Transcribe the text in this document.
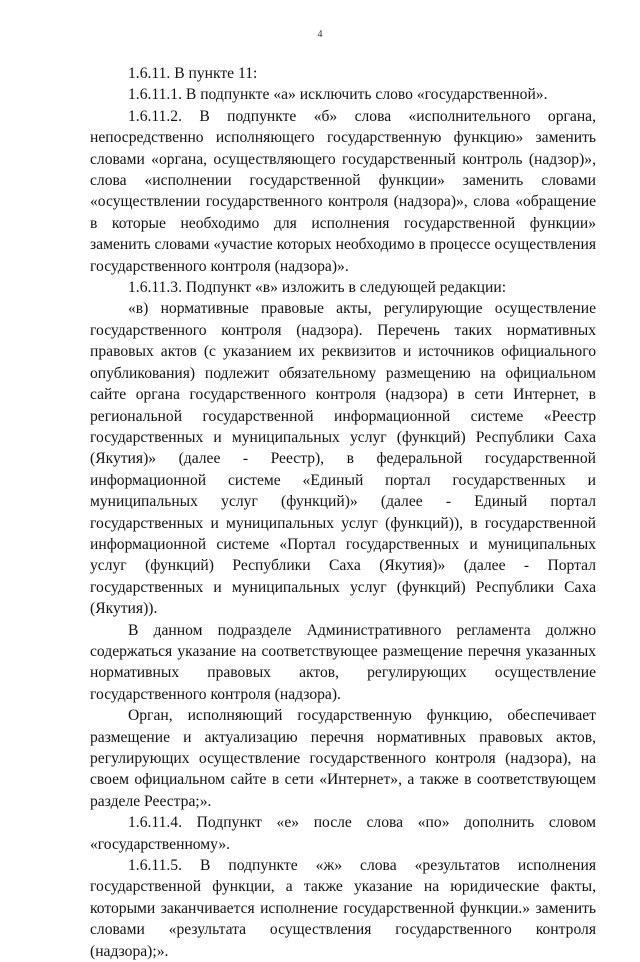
4

1.6.11. В пункте 11:

1.6.11.1. В подпункте «а» исключить слово «государственной».

1.6.11.2. В подпункте «б» слова «исполнительного органа, непосредственно исполняющего государственную функцию» заменить словами «органа, осуществляющего государственный контроль (надзор)», слова «исполнении государственной функции» заменить словами «осуществлении государственного контроля (надзора)», слова «обращение в которые необходимо для исполнения государственной функции» заменить словами «участие которых необходимо в процессе осуществления государственного контроля (надзора)».

1.6.11.3. Подпункт «в» изложить в следующей редакции:

«в) нормативные правовые акты, регулирующие осуществление государственного контроля (надзора). Перечень таких нормативных правовых актов (с указанием их реквизитов и источников официального опубликования) подлежит обязательному размещению на официальном сайте органа государственного контроля (надзора) в сети Интернет, в региональной государственной информационной системе «Реестр государственных и муниципальных услуг (функций) Республики Саха (Якутия)» (далее - Реестр), в федеральной государственной информационной системе «Единый портал государственных и муниципальных услуг (функций)» (далее - Единый портал государственных и муниципальных услуг (функций)), в государственной информационной системе «Портал государственных и муниципальных услуг (функций) Республики Саха (Якутия)» (далее - Портал государственных и муниципальных услуг (функций) Республики Саха (Якутия)).

В данном подразделе Административного регламента должно содержаться указание на соответствующее размещение перечня указанных нормативных правовых актов, регулирующих осуществление государственного контроля (надзора).

Орган, исполняющий государственную функцию, обеспечивает размещение и актуализацию перечня нормативных правовых актов, регулирующих осуществление государственного контроля (надзора), на своем официальном сайте в сети «Интернет», а также в соответствующем разделе Реестра;».

1.6.11.4. Подпункт «е» после слова «по» дополнить словом «государственному».

1.6.11.5. В подпункте «ж» слова «результатов исполнения государственной функции, а также указание на юридические факты, которыми заканчивается исполнение государственной функции.» заменить словами «результата осуществления государственного контроля (надзора);».
